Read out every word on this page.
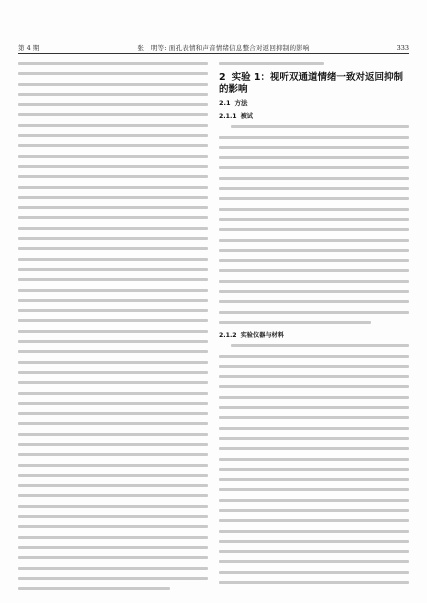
第 4 期	张　明等: 面孔表情和声音情绪信息整合对返回抑制的影响	333
2 实验 1：视听双通道情绪一致对返回抑制的影响
2.1 方法
2.1.1 被试
2.1.2 实验仪器与材料
